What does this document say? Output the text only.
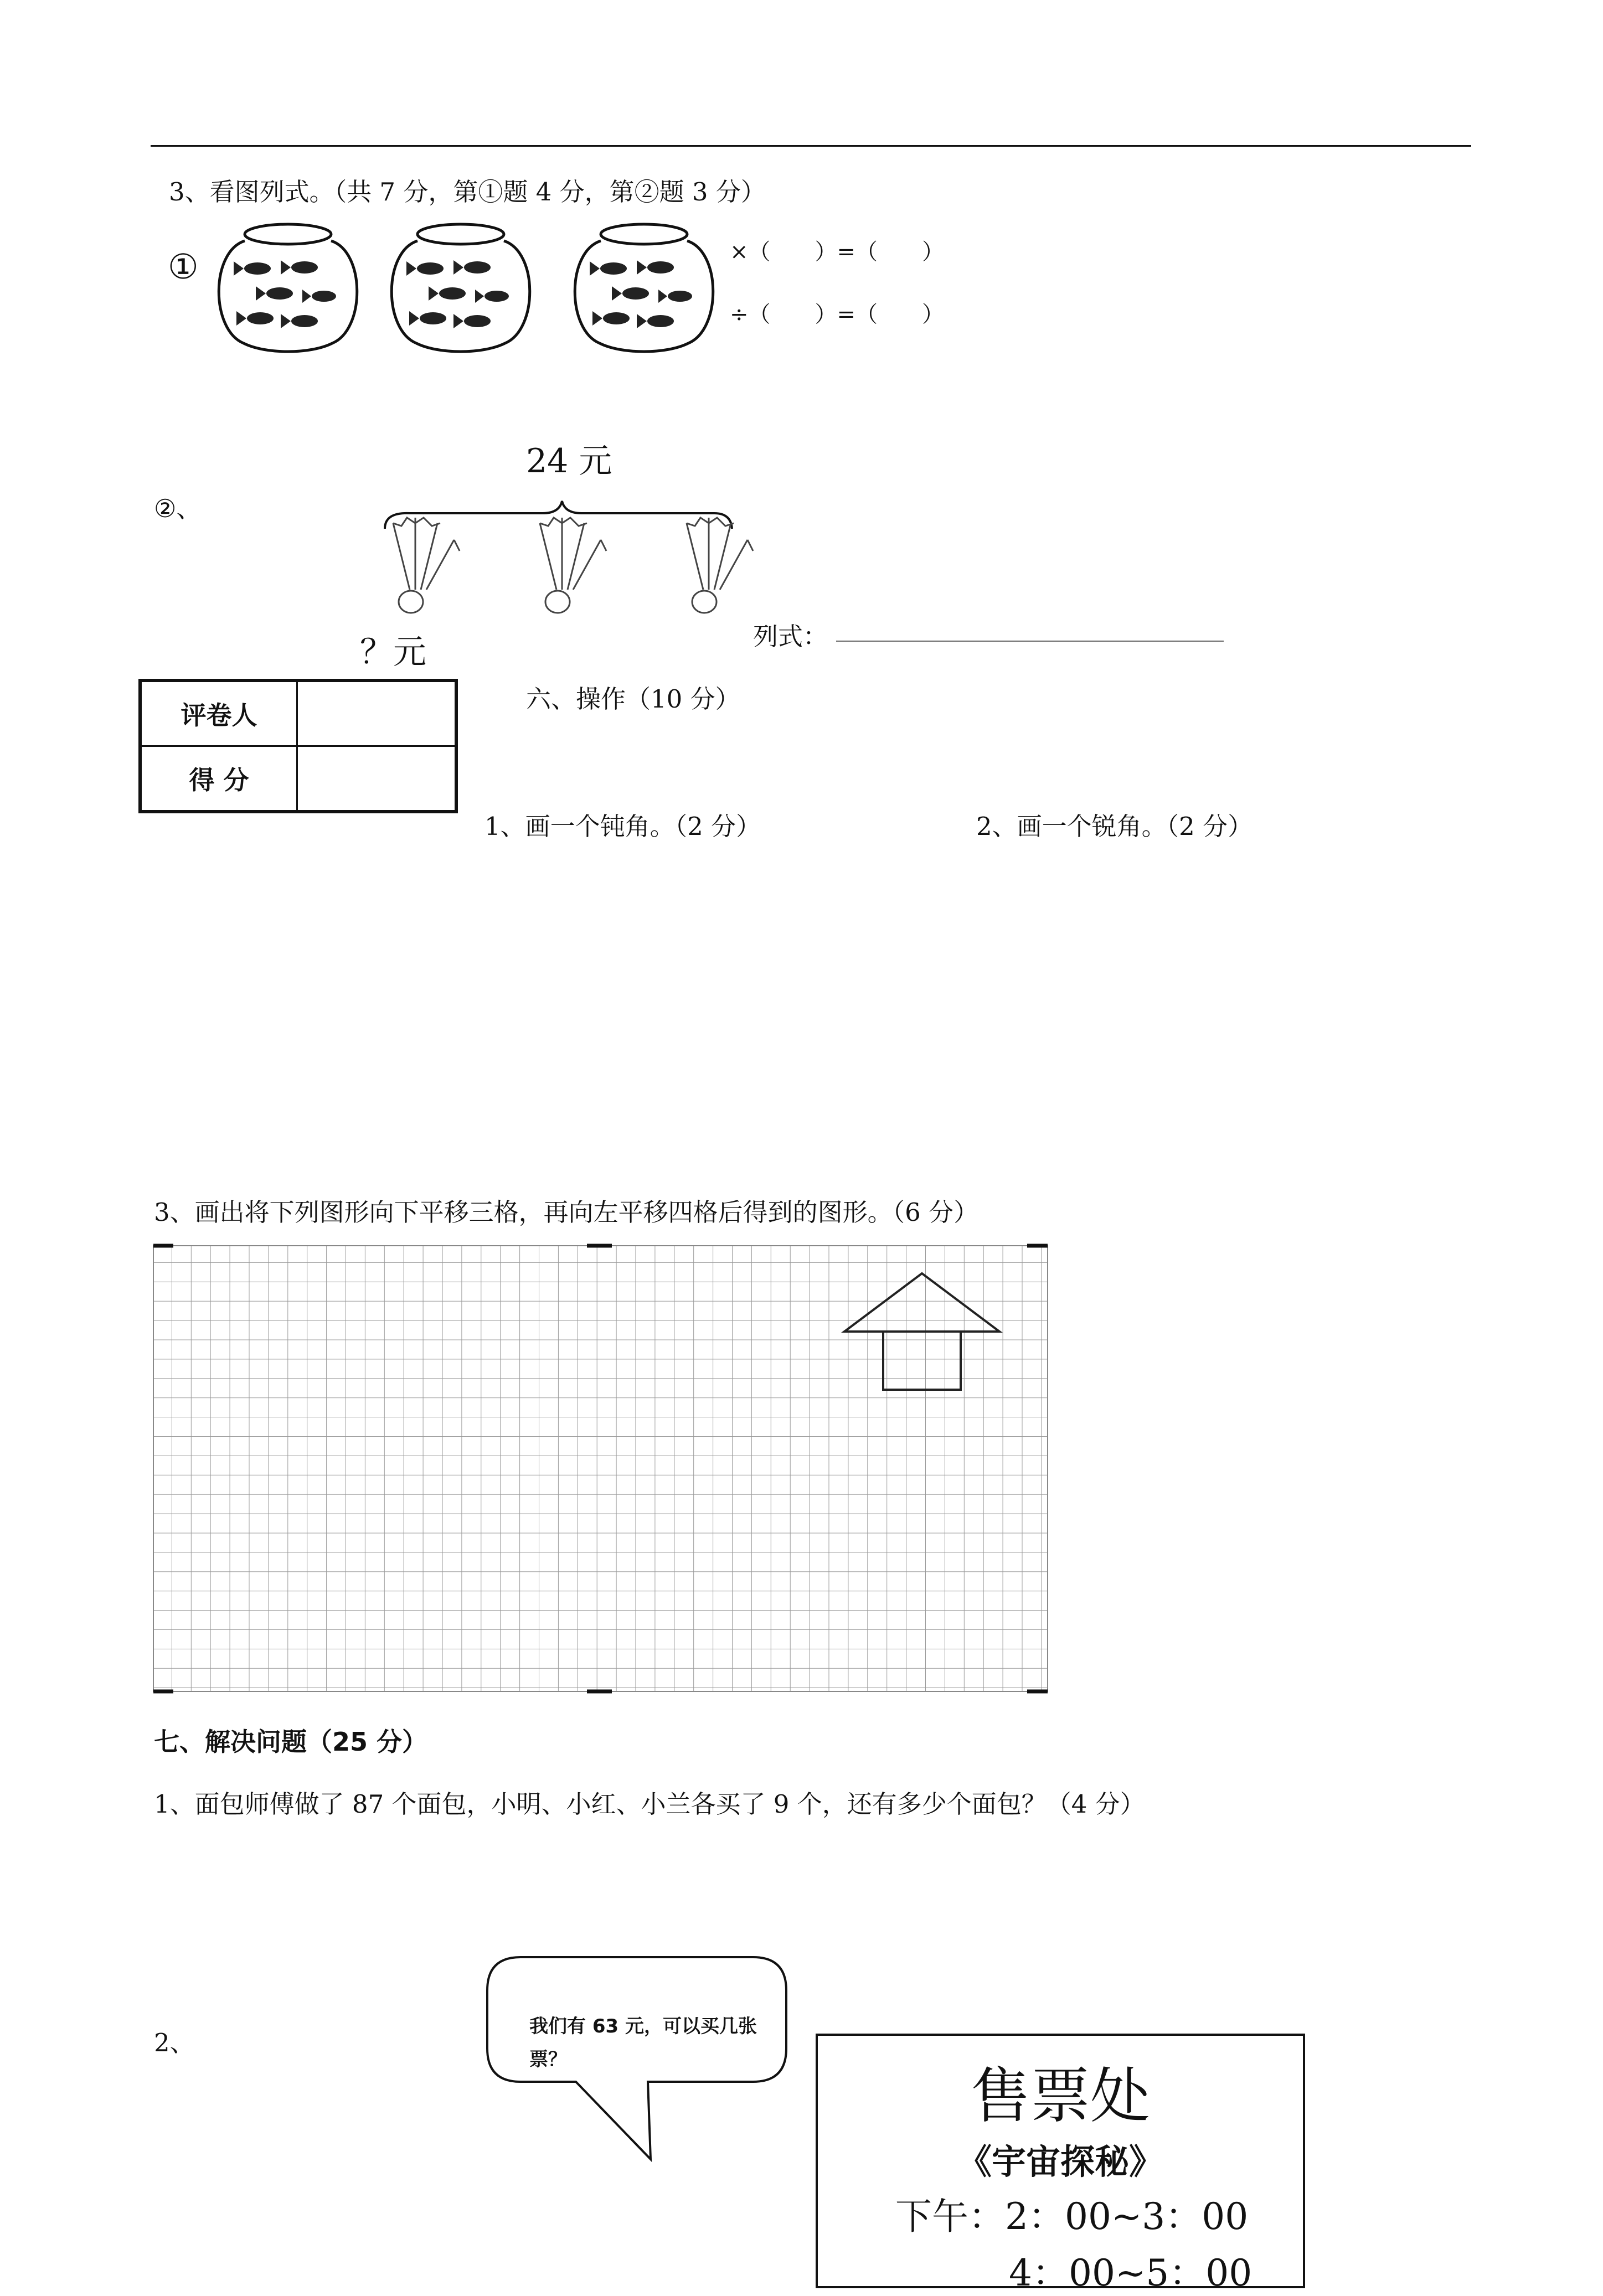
3、看图列式。（共 7 分，第①题 4 分，第②题 3 分）
①	×（　　）=（　　）
÷（　　）=（　　）
②、
24 元
？元	列式：
评卷人	
得 分	
六、操作（10 分）
1、画一个钝角。（2 分）	2、画一个锐角。（2 分）
3、画出将下列图形向下平移三格，再向左平移四格后得到的图形。（6 分）
七、解决问题（25 分）
1、面包师傅做了 87 个面包，小明、小红、小兰各买了 9 个，还有多少个面包？（4 分）
2、
我们有 63 元，可以买几张票？
售票处
《宇宙探秘》
下午：2：00~3：00
4：00~5：00
